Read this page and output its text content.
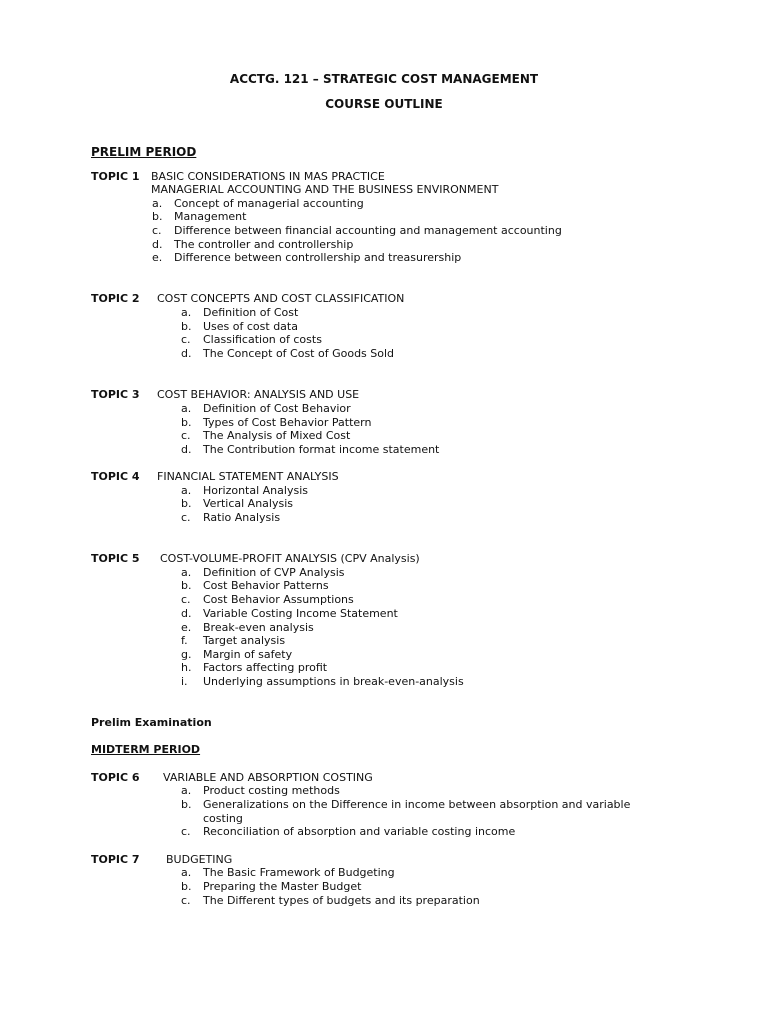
ACCTG. 121 – STRATEGIC COST MANAGEMENT
COURSE OUTLINE
PRELIM PERIOD
TOPIC 1 BASIC CONSIDERATIONS IN MAS PRACTICE
MANAGERIAL ACCOUNTING AND THE BUSINESS ENVIRONMENT
a. Concept of managerial accounting
b. Management
c. Difference between financial accounting and management accounting
d. The controller and controllership
e. Difference between controllership and treasurership
TOPIC 2 COST CONCEPTS AND COST CLASSIFICATION
a. Definition of Cost
b. Uses of cost data
c. Classification of costs
d. The Concept of Cost of Goods Sold
TOPIC 3 COST BEHAVIOR: ANALYSIS AND USE
a. Definition of Cost Behavior
b. Types of Cost Behavior Pattern
c. The Analysis of Mixed Cost
d. The Contribution format income statement
TOPIC 4 FINANCIAL STATEMENT ANALYSIS
a. Horizontal Analysis
b. Vertical Analysis
c. Ratio Analysis
TOPIC 5 COST-VOLUME-PROFIT ANALYSIS (CPV Analysis)
a. Definition of CVP Analysis
b. Cost Behavior Patterns
c. Cost Behavior Assumptions
d. Variable Costing Income Statement
e. Break-even analysis
f. Target analysis
g. Margin of safety
h. Factors affecting profit
i. Underlying assumptions in break-even-analysis
Prelim Examination
MIDTERM PERIOD
TOPIC 6 VARIABLE AND ABSORPTION COSTING
a. Product costing methods
b. Generalizations on the Difference in income between absorption and variable costing
c. Reconciliation of absorption and variable costing income
TOPIC 7 BUDGETING
a. The Basic Framework of Budgeting
b. Preparing the Master Budget
c. The Different types of budgets and its preparation
